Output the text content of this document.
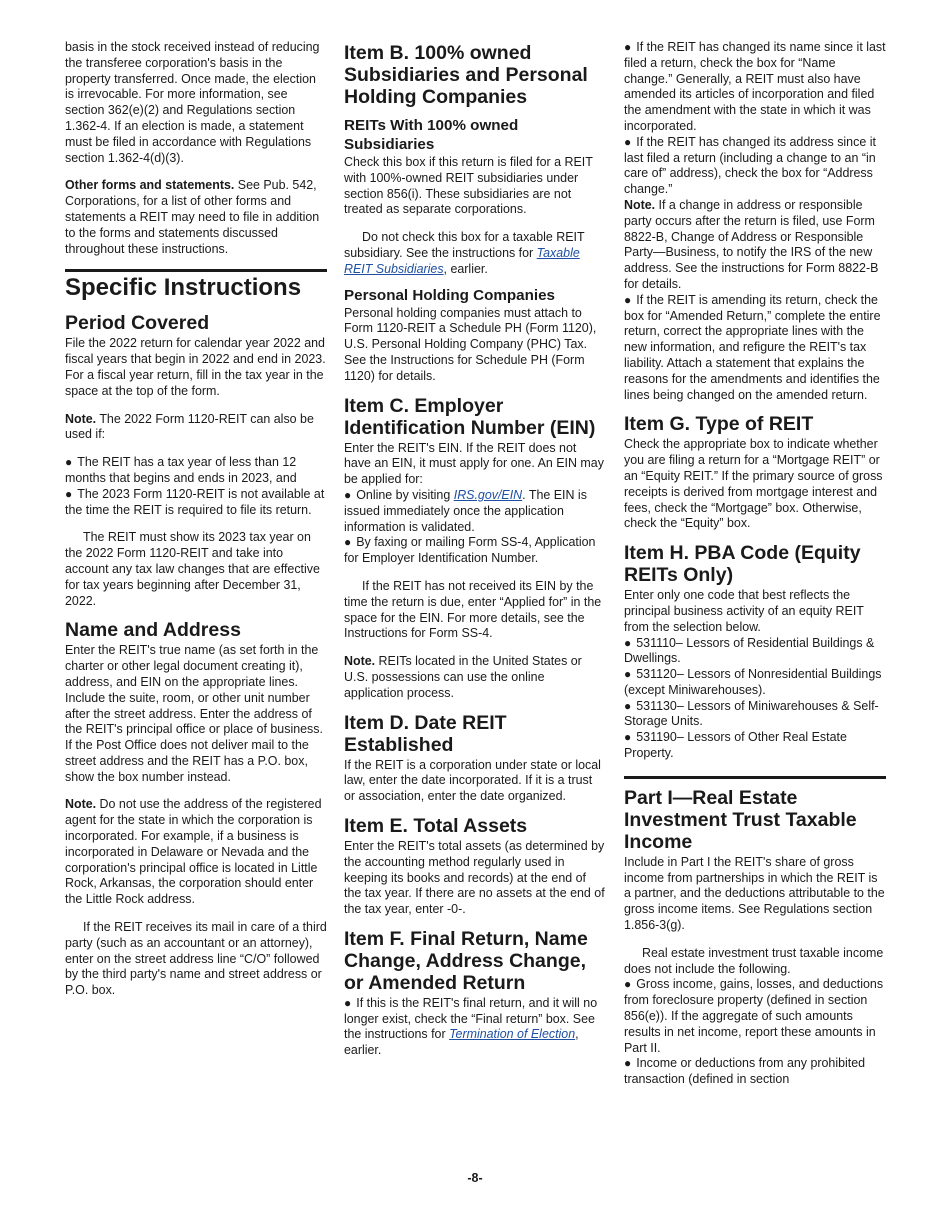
basis in the stock received instead of reducing the transferee corporation's basis in the property transferred. Once made, the election is irrevocable. For more information, see section 362(e)(2) and Regulations section 1.362-4. If an election is made, a statement must be filed in accordance with Regulations section 1.362-4(d)(3).

Other forms and statements. See Pub. 542, Corporations, for a list of other forms and statements a REIT may need to file in addition to the forms and statements discussed throughout these instructions.

Specific Instructions
Period Covered

File the 2022 return for calendar year 2022 and fiscal years that begin in 2022 and end in 2023. For a fiscal year return, fill in the tax year in the space at the top of the form.

Note. The 2022 Form 1120-REIT can also be used if:

● The REIT has a tax year of less than 12 months that begins and ends in 2023, and

● The 2023 Form 1120-REIT is not available at the time the REIT is required to file its return.

The REIT must show its 2023 tax year on the 2022 Form 1120-REIT and take into account any tax law changes that are effective for tax years beginning after December 31, 2022.

Name and Address

Enter the REIT's true name (as set forth in the charter or other legal document creating it), address, and EIN on the appropriate lines. Include the suite, room, or other unit number after the street address. Enter the address of the REIT's principal office or place of business. If the Post Office does not deliver mail to the street address and the REIT has a P.O. box, show the box number instead.

Note. Do not use the address of the registered agent for the state in which the corporation is incorporated. For example, if a business is incorporated in Delaware or Nevada and the corporation's principal office is located in Little Rock, Arkansas, the corporation should enter the Little Rock address.

If the REIT receives its mail in care of a third party (such as an accountant or an attorney), enter on the street address line “C/O” followed by the third party's name and street address or P.O. box.

Item B. 100% owned Subsidiaries and Personal Holding Companies
REITs With 100% owned Subsidiaries

Check this box if this return is filed for a REIT with 100%-owned REIT subsidiaries under section 856(i). These subsidiaries are not treated as separate corporations.

Do not check this box for a taxable REIT subsidiary. See the instructions for Taxable REIT Subsidiaries, earlier.

Personal Holding Companies

Personal holding companies must attach to Form 1120-REIT a Schedule PH (Form 1120), U.S. Personal Holding Company (PHC) Tax. See the Instructions for Schedule PH (Form 1120) for details.

Item C. Employer Identification Number (EIN)

Enter the REIT's EIN. If the REIT does not have an EIN, it must apply for one. An EIN may be applied for:

● Online by visiting IRS.gov/EIN. The EIN is issued immediately once the application information is validated.

● By faxing or mailing Form SS-4, Application for Employer Identification Number.

If the REIT has not received its EIN by the time the return is due, enter “Applied for” in the space for the EIN. For more details, see the Instructions for Form SS-4.

Note. REITs located in the United States or U.S. possessions can use the online application process.

Item D. Date REIT Established

If the REIT is a corporation under state or local law, enter the date incorporated. If it is a trust or association, enter the date organized.

Item E. Total Assets

Enter the REIT's total assets (as determined by the accounting method regularly used in keeping its books and records) at the end of the tax year. If there are no assets at the end of the tax year, enter -0-.

Item F. Final Return, Name Change, Address Change, or Amended Return

● If this is the REIT's final return, and it will no longer exist, check the “Final return” box. See the instructions for Termination of Election, earlier.

● If the REIT has changed its name since it last filed a return, check the box for “Name change.” Generally, a REIT must also have amended its articles of incorporation and filed the amendment with the state in which it was incorporated.

● If the REIT has changed its address since it last filed a return (including a change to an “in care of” address), check the box for “Address change.”

Note. If a change in address or responsible party occurs after the return is filed, use Form 8822-B, Change of Address or Responsible Party—Business, to notify the IRS of the new address. See the instructions for Form 8822-B for details.

● If the REIT is amending its return, check the box for “Amended Return,” complete the entire return, correct the appropriate lines with the new information, and refigure the REIT's tax liability. Attach a statement that explains the reasons for the amendments and identifies the lines being changed on the amended return.

Item G. Type of REIT

Check the appropriate box to indicate whether you are filing a return for a “Mortgage REIT” or an “Equity REIT.” If the primary source of gross receipts is derived from mortgage interest and fees, check the “Mortgage” box. Otherwise, check the “Equity” box.

Item H. PBA Code (Equity REITs Only)

Enter only one code that best reflects the principal business activity of an equity REIT from the selection below.

● 531110– Lessors of Residential Buildings & Dwellings.

● 531120– Lessors of Nonresidential Buildings (except Miniwarehouses).

● 531130– Lessors of Miniwarehouses & Self-Storage Units.

● 531190– Lessors of Other Real Estate Property.

Part I—Real Estate Investment Trust Taxable Income

Include in Part I the REIT's share of gross income from partnerships in which the REIT is a partner, and the deductions attributable to the gross income items. See Regulations section 1.856-3(g).

Real estate investment trust taxable income does not include the following.

● Gross income, gains, losses, and deductions from foreclosure property (defined in section 856(e)). If the aggregate of such amounts results in net income, report these amounts in Part II.

● Income or deductions from any prohibited transaction (defined in section

-8-
